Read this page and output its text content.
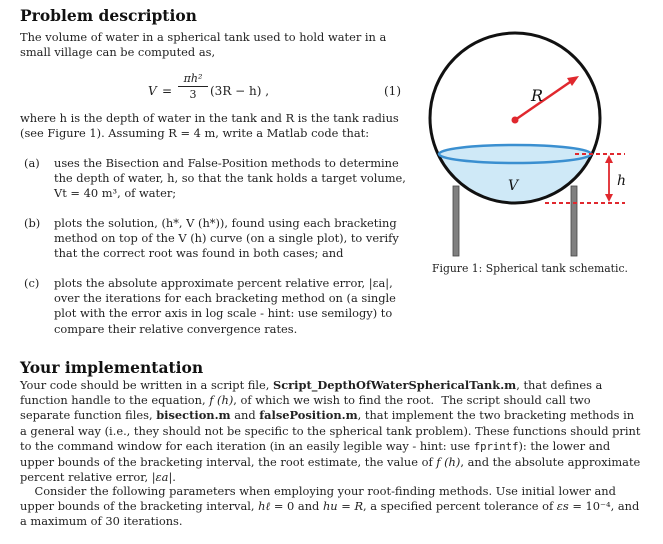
Problem description
The volume of water in a spherical tank used to hold water in a
small village can be computed as,
V =
πh²
3	(3R − h) ,	(1)
where h is the depth of water in the tank and R is the tank radius
(see Figure 1). Assuming R = 4 m, write a Matlab code that:
(a) uses the Bisection and False-Position methods to determine
the depth of water, h, so that the tank holds a target volume,
Vt = 40 m³, of water;
(b) plots the solution, (h*, V (h*)), found using each bracketing
method on top of the V (h) curve (on a single plot), to verify
that the correct root was found in both cases; and
(c) plots the absolute approximate percent relative error, |εa|,
over the iterations for each bracketing method on (a single
plot with the error axis in log scale - hint: use semilogy) to
compare their relative convergence rates.
R
V	h
Figure 1: Spherical tank schematic.
Your implementation
Your code should be written in a script file, Script_DepthOfWaterSphericalTank.m, that defines a
function handle to the equation, f (h), of which we wish to find the root.  The script should call two
separate function files, bisection.m and falsePosition.m, that implement the two bracketing methods in
a general way (i.e., they should not be specific to the spherical tank problem). These functions should print
to the command window for each iteration (in an easily legible way - hint: use fprintf): the lower and
upper bounds of the bracketing interval, the root estimate, the value of f (h), and the absolute approximate
percent relative error, |εa|.
Consider the following parameters when employing your root-finding methods. Use initial lower and
upper bounds of the bracketing interval, hℓ = 0 and hu = R, a specified percent tolerance of εs = 10⁻⁴, and
a maximum of 30 iterations.
